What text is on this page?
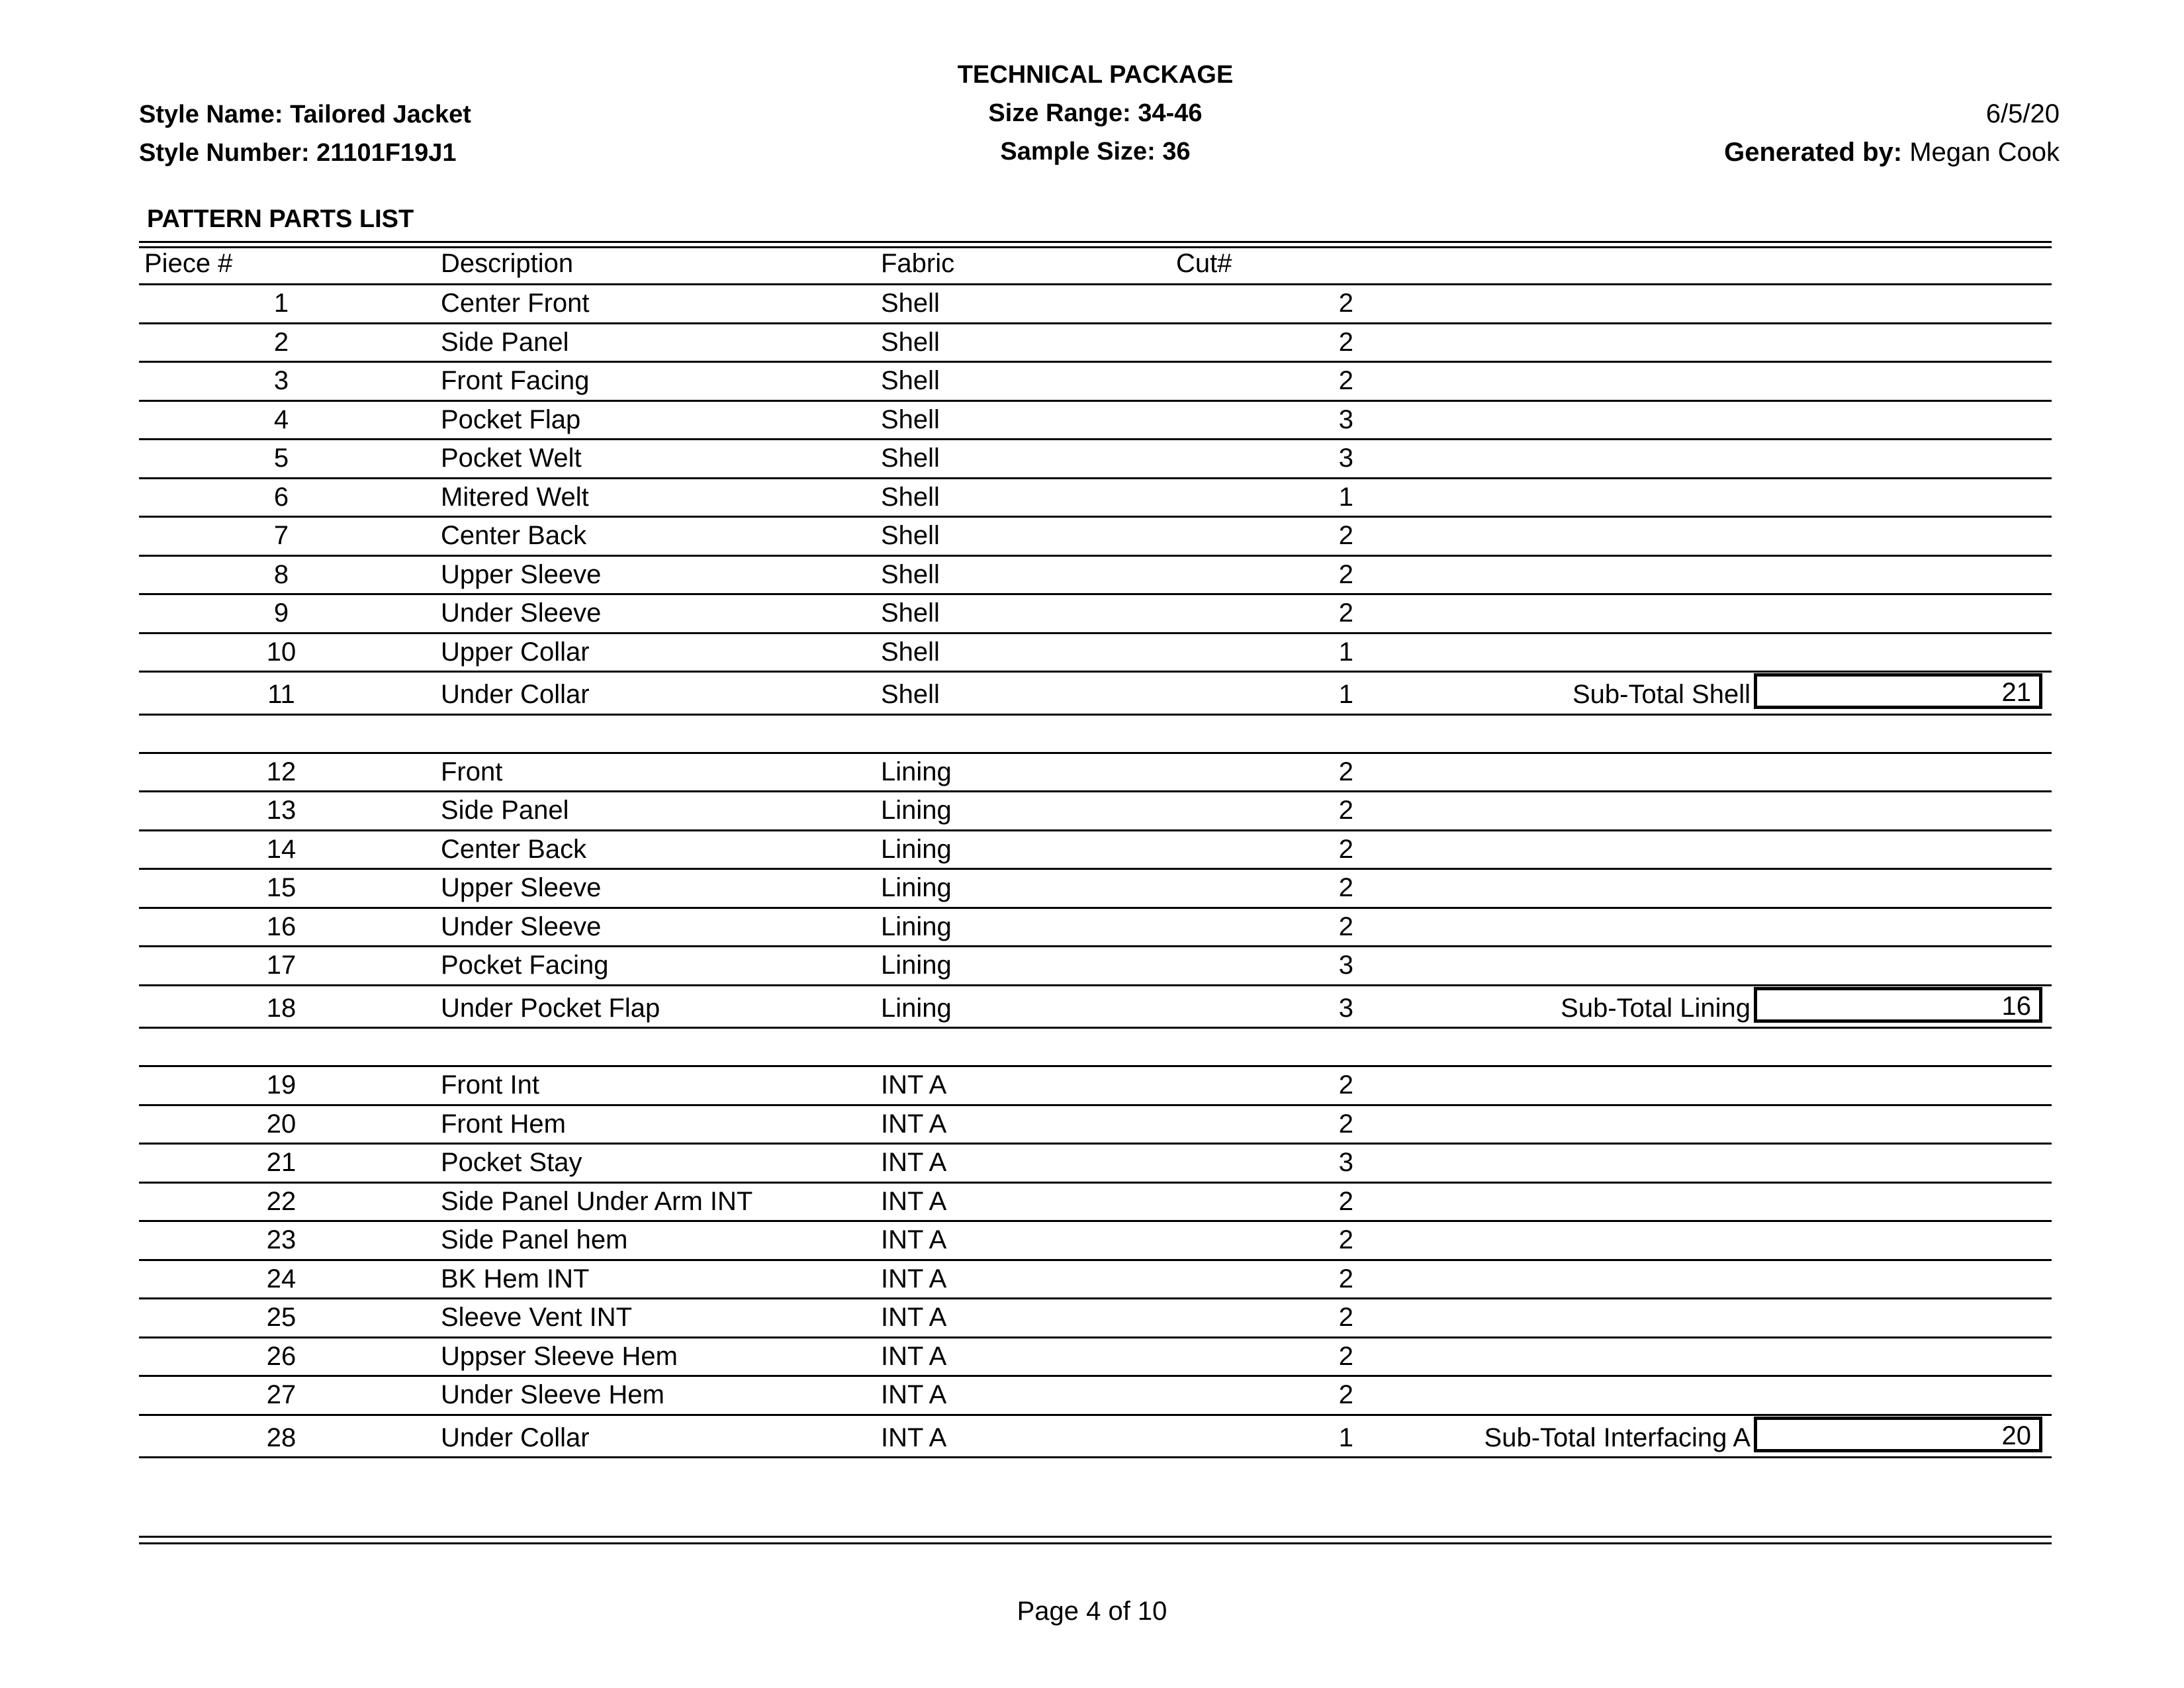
TECHNICAL PACKAGE
Size Range: 34-46
Sample Size: 36
Style Name: Tailored Jacket
Style Number: 21101F19J1
6/5/20
Generated by: Megan Cook
PATTERN PARTS LIST
Piece #	Description	Fabric	Cut#
1	Center Front	Shell	2
2	Side Panel	Shell	2
3	Front Facing	Shell	2
4	Pocket Flap	Shell	3
5	Pocket Welt	Shell	3
6	Mitered Welt	Shell	1
7	Center Back	Shell	2
8	Upper Sleeve	Shell	2
9	Under Sleeve	Shell	2
10	Upper Collar	Shell	1
11	Under Collar	Shell	1	Sub-Total Shell	21
12	Front	Lining	2
13	Side Panel	Lining	2
14	Center Back	Lining	2
15	Upper Sleeve	Lining	2
16	Under Sleeve	Lining	2
17	Pocket Facing	Lining	3
18	Under Pocket Flap	Lining	3	Sub-Total Lining	16
19	Front Int	INT A	2
20	Front Hem	INT A	2
21	Pocket Stay	INT A	3
22	Side Panel Under Arm INT	INT A	2
23	Side Panel hem	INT A	2
24	BK Hem INT	INT A	2
25	Sleeve Vent INT	INT A	2
26	Uppser Sleeve Hem	INT A	2
27	Under Sleeve Hem	INT A	2
28	Under Collar	INT A	1	Sub-Total Interfacing A	20
Page 4 of 10
